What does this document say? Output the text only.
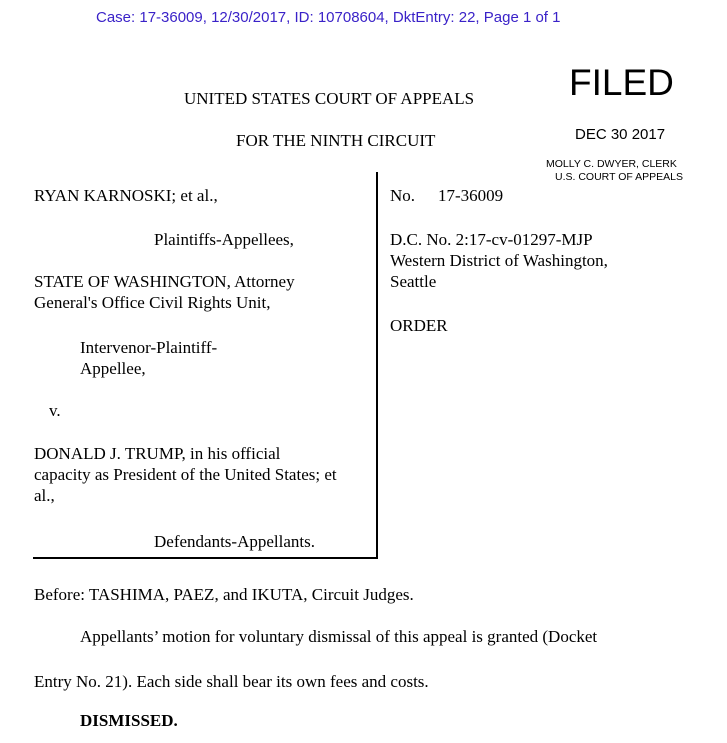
Case: 17-36009, 12/30/2017, ID: 10708604, DktEntry: 22, Page 1 of 1
UNITED STATES COURT OF APPEALS
FOR THE NINTH CIRCUIT
FILED
DEC 30 2017
MOLLY C. DWYER, CLERK
U.S. COURT OF APPEALS
RYAN KARNOSKI; et al.,
Plaintiffs-Appellees,
STATE OF WASHINGTON, Attorney
General's Office Civil Rights Unit,
Intervenor-Plaintiff-
Appellee,
v.
DONALD J. TRUMP, in his official
capacity as President of the United States; et
al.,
Defendants-Appellants.
No. 17-36009
D.C. No. 2:17-cv-01297-MJP
Western District of Washington,
Seattle
ORDER
Before: TASHIMA, PAEZ, and IKUTA, Circuit Judges.
Appellants’ motion for voluntary dismissal of this appeal is granted (Docket
Entry No. 21). Each side shall bear its own fees and costs.
DISMISSED.
